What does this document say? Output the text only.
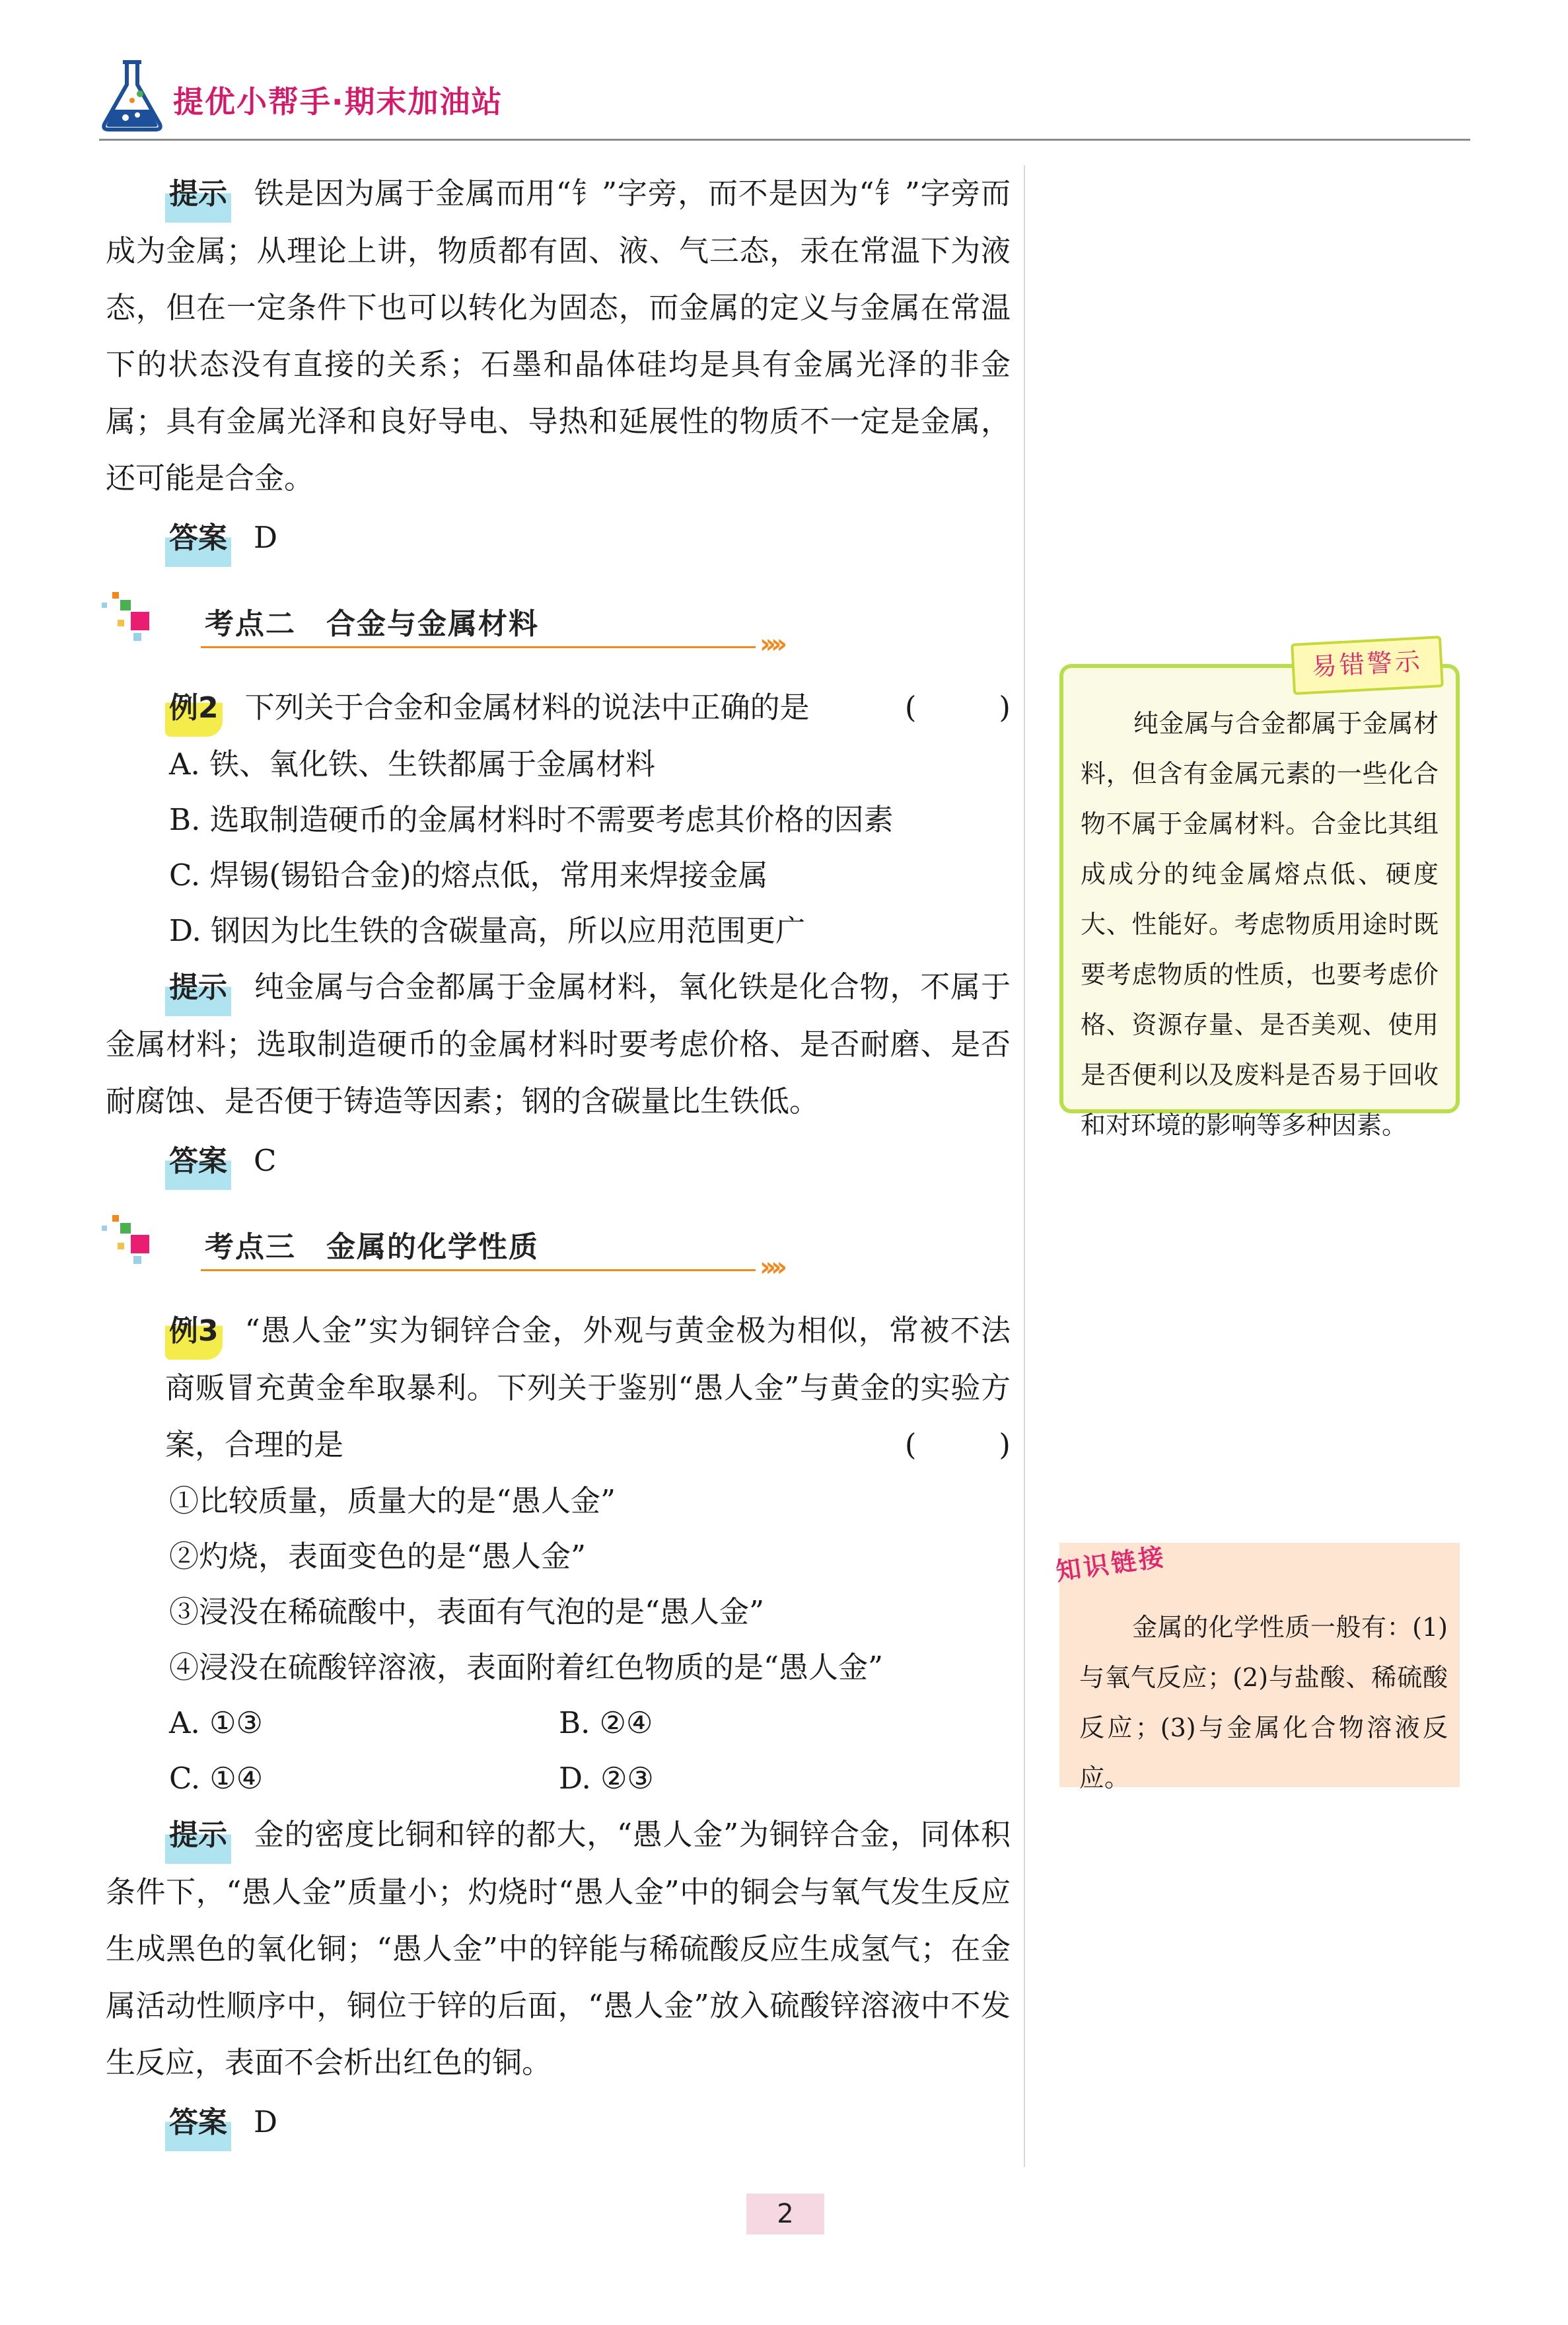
提优小帮手·期末加油站

提示 铁是因为属于金属而用“钅”字旁，而不是因为“钅”字旁而成为金属；从理论上讲，物质都有固、液、气三态，汞在常温下为液态，但在一定条件下也可以转化为固态，而金属的定义与金属在常温下的状态没有直接的关系；石墨和晶体硅均是具有金属光泽的非金属；具有金属光泽和良好导电、导热和延展性的物质不一定是金属，还可能是合金。

答案 D
考点二　合金与金属材料
››››

例2 下列关于合金和金属材料的说法中正确的是	(　)

A. 铁、氧化铁、生铁都属于金属材料

B. 选取制造硬币的金属材料时不需要考虑其价格的因素

C. 焊锡(锡铅合金)的熔点低，常用来焊接金属

D. 钢因为比生铁的含碳量高，所以应用范围更广

提示 纯金属与合金都属于金属材料，氧化铁是化合物，不属于金属材料；选取制造硬币的金属材料时要考虑价格、是否耐磨、是否耐腐蚀、是否便于铸造等因素；钢的含碳量比生铁低。

答案 C
考点三　金属的化学性质
››››

例3 “愚人金”实为铜锌合金，外观与黄金极为相似，常被不法商贩冒充黄金牟取暴利。下列关于鉴别“愚人金”与黄金的实验方案，合理的是	(　)

①比较质量，质量大的是“愚人金”

②灼烧，表面变色的是“愚人金”

③浸没在稀硫酸中，表面有气泡的是“愚人金”

④浸没在硫酸锌溶液，表面附着红色物质的是“愚人金”

A. ①③	B. ②④
C. ①④	D. ②③

提示 金的密度比铜和锌的都大，“愚人金”为铜锌合金，同体积条件下，“愚人金”质量小；灼烧时“愚人金”中的铜会与氧气发生反应生成黑色的氧化铜；“愚人金”中的锌能与稀硫酸反应生成氢气；在金属活动性顺序中，铜位于锌的后面，“愚人金”放入硫酸锌溶液中不发生反应，表面不会析出红色的铜。

答案 D

纯金属与合金都属于金属材料，但含有金属元素的一些化合物不属于金属材料。合金比其组成成分的纯金属熔点低、硬度大、性能好。考虑物质用途时既要考虑物质的性质，也要考虑价格、资源存量、是否美观、使用是否便利以及废料是否易于回收和对环境的影响等多种因素。

易错警示

金属的化学性质一般有：(1)与氧气反应；(2)与盐酸、稀硫酸反应；(3)与金属化合物溶液反应。

知识链接
2
